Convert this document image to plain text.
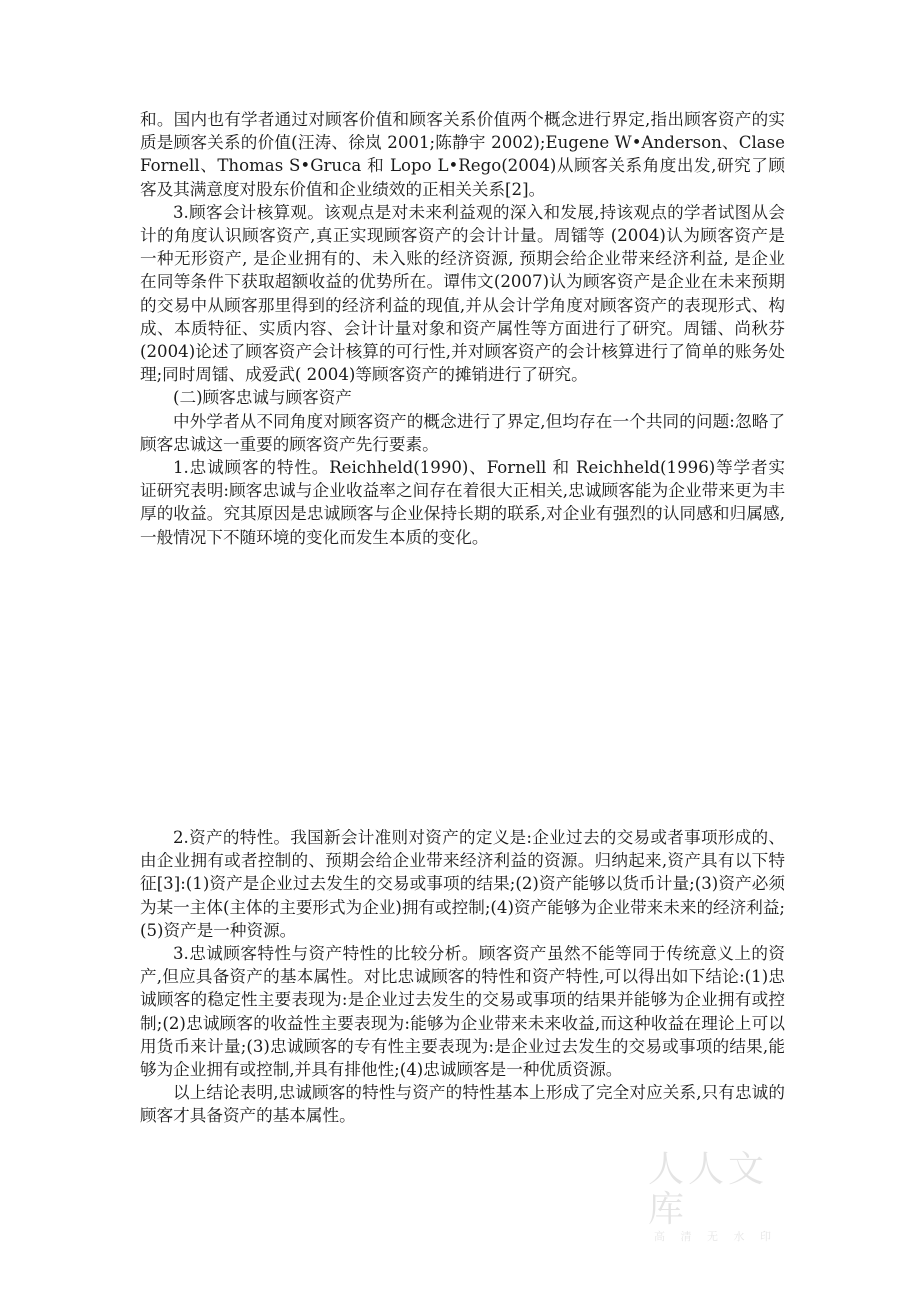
和。国内也有学者通过对顾客价值和顾客关系价值两个概念进行界定,指出顾客资产的实质是顾客关系的价值(汪涛、徐岚 2001;陈静宇 2002);Eugene W•Anderson、Clase Fornell、Thomas S•Gruca 和 Lopo L•Rego(2004)从顾客关系角度出发,研究了顾客及其满意度对股东价值和企业绩效的正相关关系[2]。

3.顾客会计核算观。该观点是对未来利益观的深入和发展,持该观点的学者试图从会计的角度认识顾客资产,真正实现顾客资产的会计计量。周镭等 (2004)认为顾客资产是一种无形资产, 是企业拥有的、未入账的经济资源, 预期会给企业带来经济利益, 是企业在同等条件下获取超额收益的优势所在。谭伟文(2007)认为顾客资产是企业在未来预期的交易中从顾客那里得到的经济利益的现值,并从会计学角度对顾客资产的表现形式、构成、本质特征、实质内容、会计计量对象和资产属性等方面进行了研究。周镭、尚秋芬(2004)论述了顾客资产会计核算的可行性,并对顾客资产的会计核算进行了简单的账务处理;同时周镭、成爱武( 2004)等顾客资产的摊销进行了研究。

(二)顾客忠诚与顾客资产

中外学者从不同角度对顾客资产的概念进行了界定,但均存在一个共同的问题:忽略了顾客忠诚这一重要的顾客资产先行要素。

1.忠诚顾客的特性。Reichheld(1990)、Fornell 和 Reichheld(1996)等学者实证研究表明:顾客忠诚与企业收益率之间存在着很大正相关,忠诚顾客能为企业带来更为丰厚的收益。究其原因是忠诚顾客与企业保持长期的联系,对企业有强烈的认同感和归属感,一般情况下不随环境的变化而发生本质的变化。

2.资产的特性。我国新会计准则对资产的定义是:企业过去的交易或者事项形成的、由企业拥有或者控制的、预期会给企业带来经济利益的资源。归纳起来,资产具有以下特征[3]:(1)资产是企业过去发生的交易或事项的结果;(2)资产能够以货币计量;(3)资产必须为某一主体(主体的主要形式为企业)拥有或控制;(4)资产能够为企业带来未来的经济利益;(5)资产是一种资源。

3.忠诚顾客特性与资产特性的比较分析。顾客资产虽然不能等同于传统意义上的资产,但应具备资产的基本属性。对比忠诚顾客的特性和资产特性,可以得出如下结论:(1)忠诚顾客的稳定性主要表现为:是企业过去发生的交易或事项的结果并能够为企业拥有或控制;(2)忠诚顾客的收益性主要表现为:能够为企业带来未来收益,而这种收益在理论上可以用货币来计量;(3)忠诚顾客的专有性主要表现为:是企业过去发生的交易或事项的结果,能够为企业拥有或控制,并具有排他性;(4)忠诚顾客是一种优质资源。

以上结论表明,忠诚顾客的特性与资产的特性基本上形成了完全对应关系,只有忠诚的顾客才具备资产的基本属性。

人人文库
高 清 无 水 印
